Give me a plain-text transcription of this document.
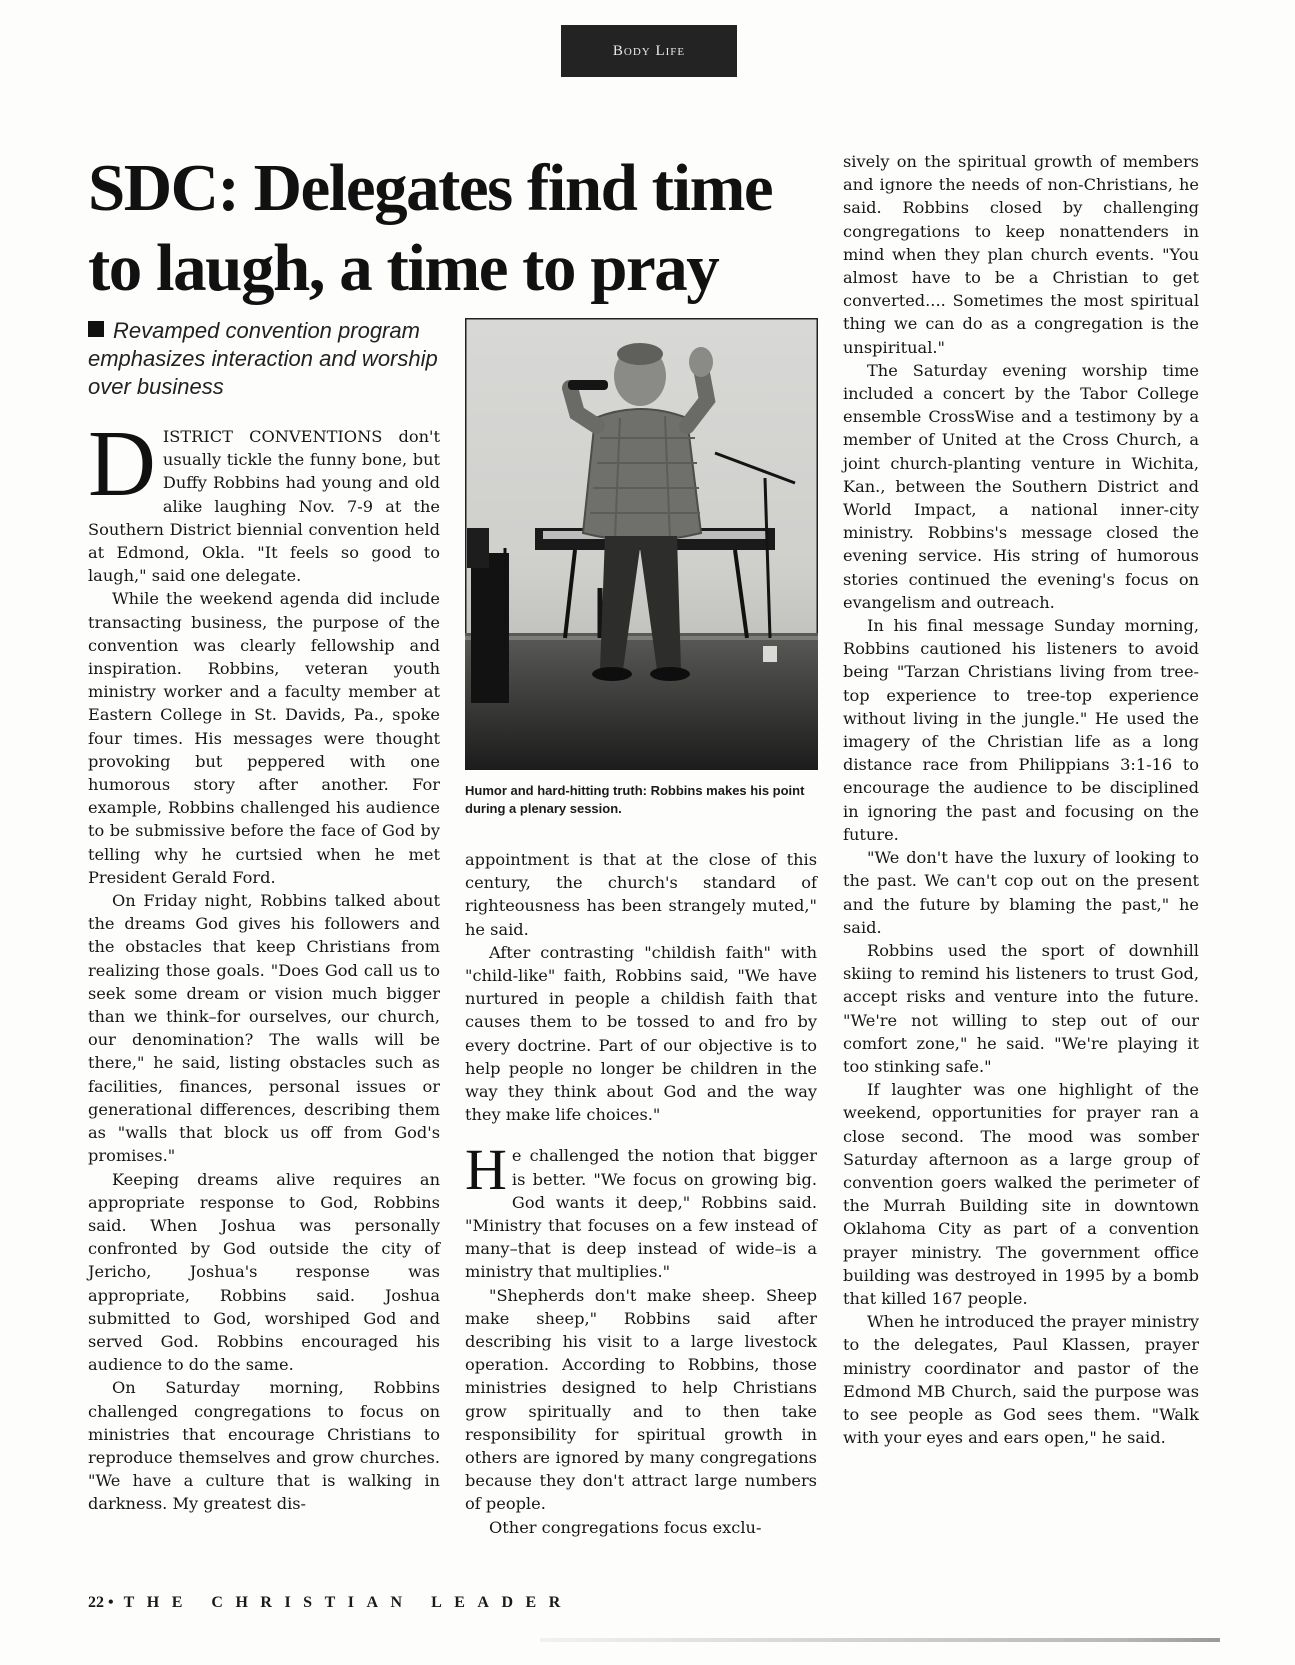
Body Life
SDC: Delegates find time to laugh, a time to pray
Revamped convention program emphasizes interaction and worship over business

DISTRICT CONVENTIONS don't usually tickle the funny bone, but Duffy Robbins had young and old alike laughing Nov. 7-9 at the Southern District biennial convention held at Edmond, Okla. "It feels so good to laugh," said one delegate.

While the weekend agenda did include transacting business, the purpose of the convention was clearly fellowship and inspiration. Robbins, veteran youth ministry worker and a faculty member at Eastern College in St. Davids, Pa., spoke four times. His messages were thought provoking but peppered with one humorous story after another. For example, Robbins challenged his audience to be submissive before the face of God by telling why he curtsied when he met President Gerald Ford.

On Friday night, Robbins talked about the dreams God gives his followers and the obstacles that keep Christians from realizing those goals. "Does God call us to seek some dream or vision much bigger than we think–for ourselves, our church, our denomination? The walls will be there," he said, listing obstacles such as facilities, finances, personal issues or generational differences, describing them as "walls that block us off from God's promises."

Keeping dreams alive requires an appropriate response to God, Robbins said. When Joshua was personally confronted by God outside the city of Jericho, Joshua's response was appropriate, Robbins said. Joshua submitted to God, worshiped God and served God. Robbins encouraged his audience to do the same.

On Saturday morning, Robbins challenged congregations to focus on ministries that encourage Christians to reproduce themselves and grow churches. "We have a culture that is walking in darkness. My greatest dis-

Humor and hard-hitting truth: Robbins makes his point during a plenary session.

appointment is that at the close of this century, the church's standard of righteousness has been strangely muted," he said.

After contrasting "childish faith" with "child-like" faith, Robbins said, "We have nurtured in people a childish faith that causes them to be tossed to and fro by every doctrine. Part of our objective is to help people no longer be children in the way they think about God and the way they make life choices."

He challenged the notion that bigger is better. "We focus on growing big. God wants it deep," Robbins said. "Ministry that focuses on a few instead of many–that is deep instead of wide–is a ministry that multiplies."

"Shepherds don't make sheep. Sheep make sheep," Robbins said after describing his visit to a large livestock operation. According to Robbins, those ministries designed to help Christians grow spiritually and to then take responsibility for spiritual growth in others are ignored by many congregations because they don't attract large numbers of people.

Other congregations focus exclu-

sively on the spiritual growth of members and ignore the needs of non-Christians, he said. Robbins closed by challenging congregations to keep nonattenders in mind when they plan church events. "You almost have to be a Christian to get converted.... Sometimes the most spiritual thing we can do as a congregation is the unspiritual."

The Saturday evening worship time included a concert by the Tabor College ensemble CrossWise and a testimony by a member of United at the Cross Church, a joint church-planting venture in Wichita, Kan., between the Southern District and World Impact, a national inner-city ministry. Robbins's message closed the evening service. His string of humorous stories continued the evening's focus on evangelism and outreach.

In his final message Sunday morning, Robbins cautioned his listeners to avoid being "Tarzan Christians living from tree-top experience to tree-top experience without living in the jungle." He used the imagery of the Christian life as a long distance race from Philippians 3:1-16 to encourage the audience to be disciplined in ignoring the past and focusing on the future.

"We don't have the luxury of looking to the past. We can't cop out on the present and the future by blaming the past," he said.

Robbins used the sport of downhill skiing to remind his listeners to trust God, accept risks and venture into the future. "We're not willing to step out of our comfort zone," he said. "We're playing it too stinking safe."

If laughter was one highlight of the weekend, opportunities for prayer ran a close second. The mood was somber Saturday afternoon as a large group of convention goers walked the perimeter of the Murrah Building site in downtown Oklahoma City as part of a convention prayer ministry. The government office building was destroyed in 1995 by a bomb that killed 167 people.

When he introduced the prayer ministry to the delegates, Paul Klassen, prayer ministry coordinator and pastor of the Edmond MB Church, said the purpose was to see people as God sees them. "Walk with your eyes and ears open," he said.

22 • THE CHRISTIAN LEADER
